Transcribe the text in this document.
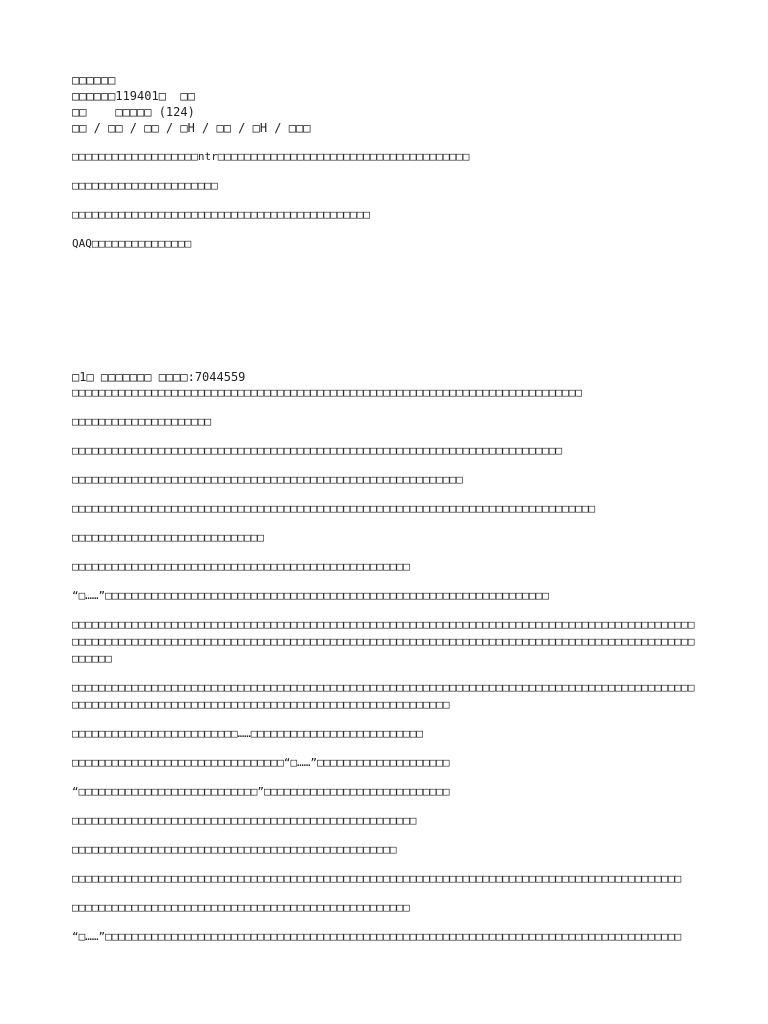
□□□□□□
□□□□□□119401□  □□
□□    □□□□□ (124)
□□ / □□ / □□ / □H / □□ / □H / □□□
□□□□□□□□□□□□□□□□□□□ntr□□□□□□□□□□□□□□□□□□□□□□□□□□□□□□□□□□□□□□
□□□□□□□□□□□□□□□□□□□□□□
□□□□□□□□□□□□□□□□□□□□□□□□□□□□□□□□□□□□□□□□□□□□□
QAQ□□□□□□□□□□□□□□□
□1□ □□□□□□□ □□□□:7044559

□□□□□□□□□□□□□□□□□□□□□□□□□□□□□□□□□□□□□□□□□□□□□□□□□□□□□□□□□□□□□□□□□□□□□□□□□□□□□

□□□□□□□□□□□□□□□□□□□□□

□□□□□□□□□□□□□□□□□□□□□□□□□□□□□□□□□□□□□□□□□□□□□□□□□□□□□□□□□□□□□□□□□□□□□□□□□□

□□□□□□□□□□□□□□□□□□□□□□□□□□□□□□□□□□□□□□□□□□□□□□□□□□□□□□□□□□□

□□□□□□□□□□□□□□□□□□□□□□□□□□□□□□□□□□□□□□□□□□□□□□□□□□□□□□□□□□□□□□□□□□□□□□□□□□□□□□□

□□□□□□□□□□□□□□□□□□□□□□□□□□□□□

□□□□□□□□□□□□□□□□□□□□□□□□□□□□□□□□□□□□□□□□□□□□□□□□□□□

“□……”□□□□□□□□□□□□□□□□□□□□□□□□□□□□□□□□□□□□□□□□□□□□□□□□□□□□□□□□□□□□□□□□□□□

□□□□□□□□□□□□□□□□□□□□□□□□□□□□□□□□□□□□□□□□□□□□□□□□□□□□□□□□□□□□□□□□□□□□□□□□□□□□□□□□□□□□□□□□□□□□□□□□□□□□□□□□□□□□□□□□□□□□□□□□□□□□□□□□□□□□□□□□□□□□□□□□□□□□□□□□□□□□□□□□□□□□□□□□□□□□□□□□□□□□□□□□□□□□□□□□□□

□□□□□□□□□□□□□□□□□□□□□□□□□□□□□□□□□□□□□□□□□□□□□□□□□□□□□□□□□□□□□□□□□□□□□□□□□□□□□□□□□□□□□□□□□□□□□□□□□□□□□□□□□□□□□□□□□□□□□□□□□□□□□□□□□□□□□□□□□□□□□□□□□□□□□□□

□□□□□□□□□□□□□□□□□□□□□□□□□……□□□□□□□□□□□□□□□□□□□□□□□□□□

□□□□□□□□□□□□□□□□□□□□□□□□□□□□□□□□“□……”□□□□□□□□□□□□□□□□□□□□

“□□□□□□□□□□□□□□□□□□□□□□□□□□□”□□□□□□□□□□□□□□□□□□□□□□□□□□□□

□□□□□□□□□□□□□□□□□□□□□□□□□□□□□□□□□□□□□□□□□□□□□□□□□□□□

□□□□□□□□□□□□□□□□□□□□□□□□□□□□□□□□□□□□□□□□□□□□□□□□□

□□□□□□□□□□□□□□□□□□□□□□□□□□□□□□□□□□□□□□□□□□□□□□□□□□□□□□□□□□□□□□□□□□□□□□□□□□□□□□□□□□□□□□□□□□□□

□□□□□□□□□□□□□□□□□□□□□□□□□□□□□□□□□□□□□□□□□□□□□□□□□□□

“□……”□□□□□□□□□□□□□□□□□□□□□□□□□□□□□□□□□□□□□□□□□□□□□□□□□□□□□□□□□□□□□□□□□□□□□□□□□□□□□□□□□□□□□□□
